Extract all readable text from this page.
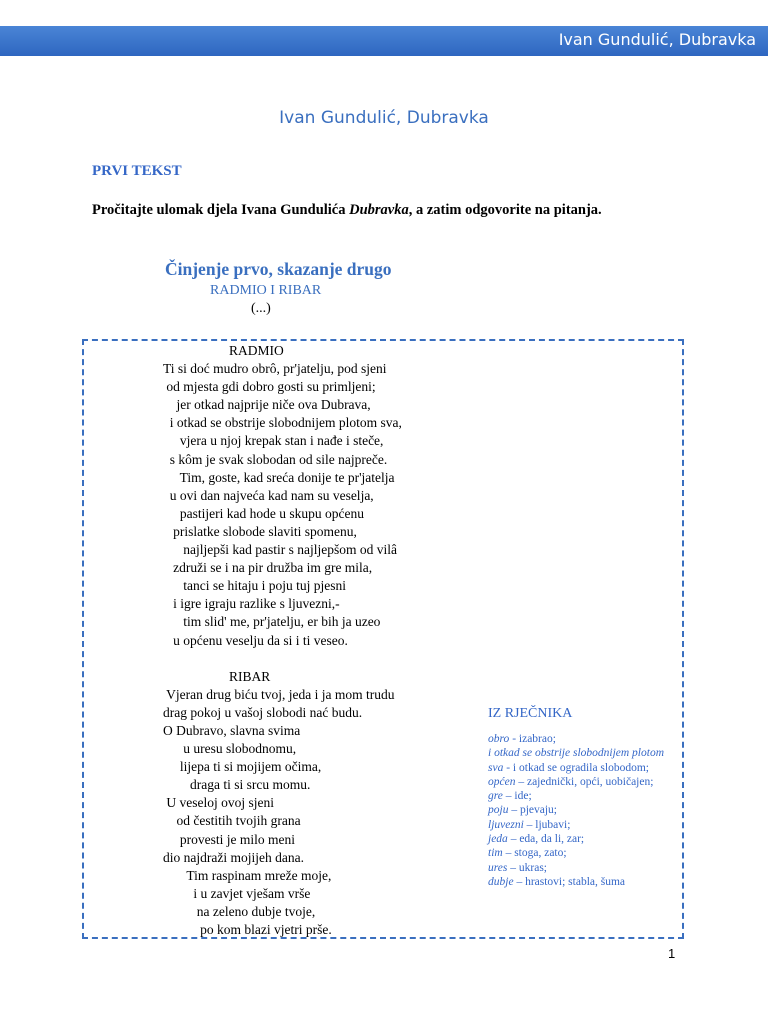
Ivan Gundulić, Dubravka
Ivan Gundulić, Dubravka
PRVI TEKST
Pročitajte ulomak djela Ivana Gundulića Dubravka, a zatim odgovorite na pitanja.
Činjenje prvo, skazanje drugo
RADMIO I RIBAR
(...)
RADMIO
Ti si doć mudro obrô, pr'jatelju, pod sjeni
od mjesta gdi dobro gosti su primljeni;
jer otkad najprije niče ova Dubrava,
i otkad se obstrije slobodnijem plotom sva,
vjera u njoj krepak stan i nađe i steče,
s kôm je svak slobodan od sile najpreče.
Tim, goste, kad sreća donije te pr'jatelja
u ovi dan najveća kad nam su veselja,
pastijeri kad hode u skupu općenu
prislatke slobode slaviti spomenu,
najljepši kad pastir s najljepšom od vilâ
združi se i na pir družba im gre mila,
tanci se hitaju i poju tuj pjesni
i igre igraju razlike s ljuvezni,-
tim slid' me, pr'jatelju, er bih ja uzeo
u općenu veselju da si i ti veseo.
RIBAR
Vjeran drug biću tvoj, jeda i ja mom trudu
drag pokoj u vašoj slobodi nać budu.
O Dubravo, slavna svima
u uresu slobodnomu,
lijepa ti si mojijem očima,
draga ti si srcu momu.
U veseloj ovoj sjeni
od čestitih tvojih grana
provesti je milo meni
dio najdraži mojijeh dana.
Tim raspinam mreže moje,
i u zavjet vješam vrše
na zeleno dubje tvoje,
po kom blazi vjetri prše.
IZ RJEČNIKA
obro - izabrao;
i otkad se obstrije slobodnijem plotom sva - i otkad se ogradila slobodom;
općen – zajednički, opći, uobičajen;
gre – ide;
poju – pjevaju;
ljuvezni – ljubavi;
jeda – eda, da li, zar;
tim – stoga, zato;
ures – ukras;
dubje – hrastovi; stabla, šuma
1
